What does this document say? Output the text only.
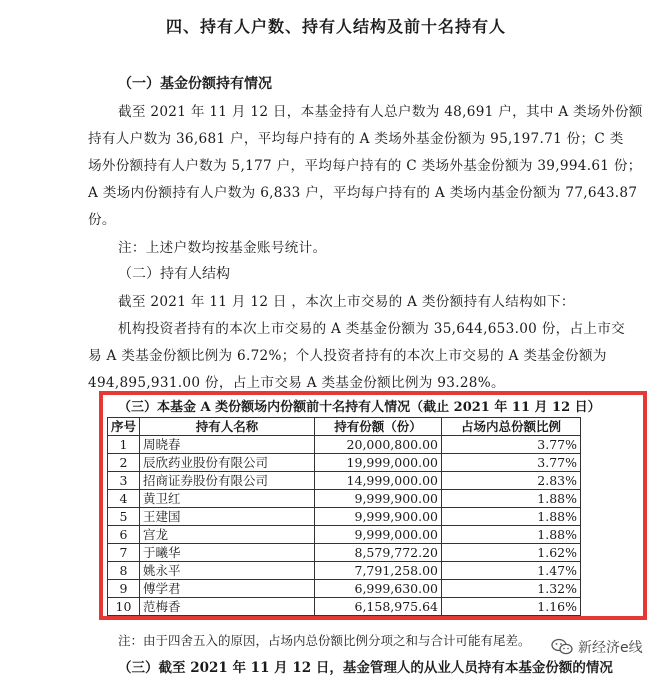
四、持有人户数、持有人结构及前十名持有人
（一）基金份额持有情况
截至 2021 年 11 月 12 日，本基金持有人总户数为 48,691 户，其中 A 类场外份额
持有人户数为 36,681 户，平均每户持有的 A 类场外基金份额为 95,197.71 份；C 类
场外份额持有人户数为 5,177 户，平均每户持有的 C 类场外基金份额为 39,994.61 份；
A 类场内份额持有人户数为 6,833 户，平均每户持有的 A 类场内基金份额为 77,643.87
份。
注：上述户数均按基金账号统计。
（二）持有人结构
截至 2021 年 11 月 12 日 ，本次上市交易的 A 类份额持有人结构如下：
机构投资者持有的本次上市交易的 A 类基金份额为 35,644,653.00 份，占上市交
易 A 类基金份额比例为 6.72%；个人投资者持有的本次上市交易的 A 类基金份额为
494,895,931.00 份，占上市交易 A 类基金份额比例为 93.28%。
（三）本基金 A 类份额场内份额前十名持有人情况（截止 2021 年 11 月 12 日）
序号	持有人名称	持有份额（份）	占场内总份额比例
1	周晓春	20,000,800.00	3.77%
2	辰欣药业股份有限公司	19,999,000.00	3.77%
3	招商证券股份有限公司	14,999,000.00	2.83%
4	黄卫红	9,999,900.00	1.88%
5	王建国	9,999,900.00	1.88%
6	宫龙	9,999,000.00	1.88%
7	于曦华	8,579,772.20	1.62%
8	姚永平	7,791,258.00	1.47%
9	傅学君	6,999,630.00	1.32%
10	范梅香	6,158,975.64	1.16%
注：由于四舍五入的原因，占场内总份额比例分项之和与合计可能有尾差。
（三）截至 2021 年 11 月 12 日，基金管理人的从业人员持有本基金份额的情况
新经济e线
